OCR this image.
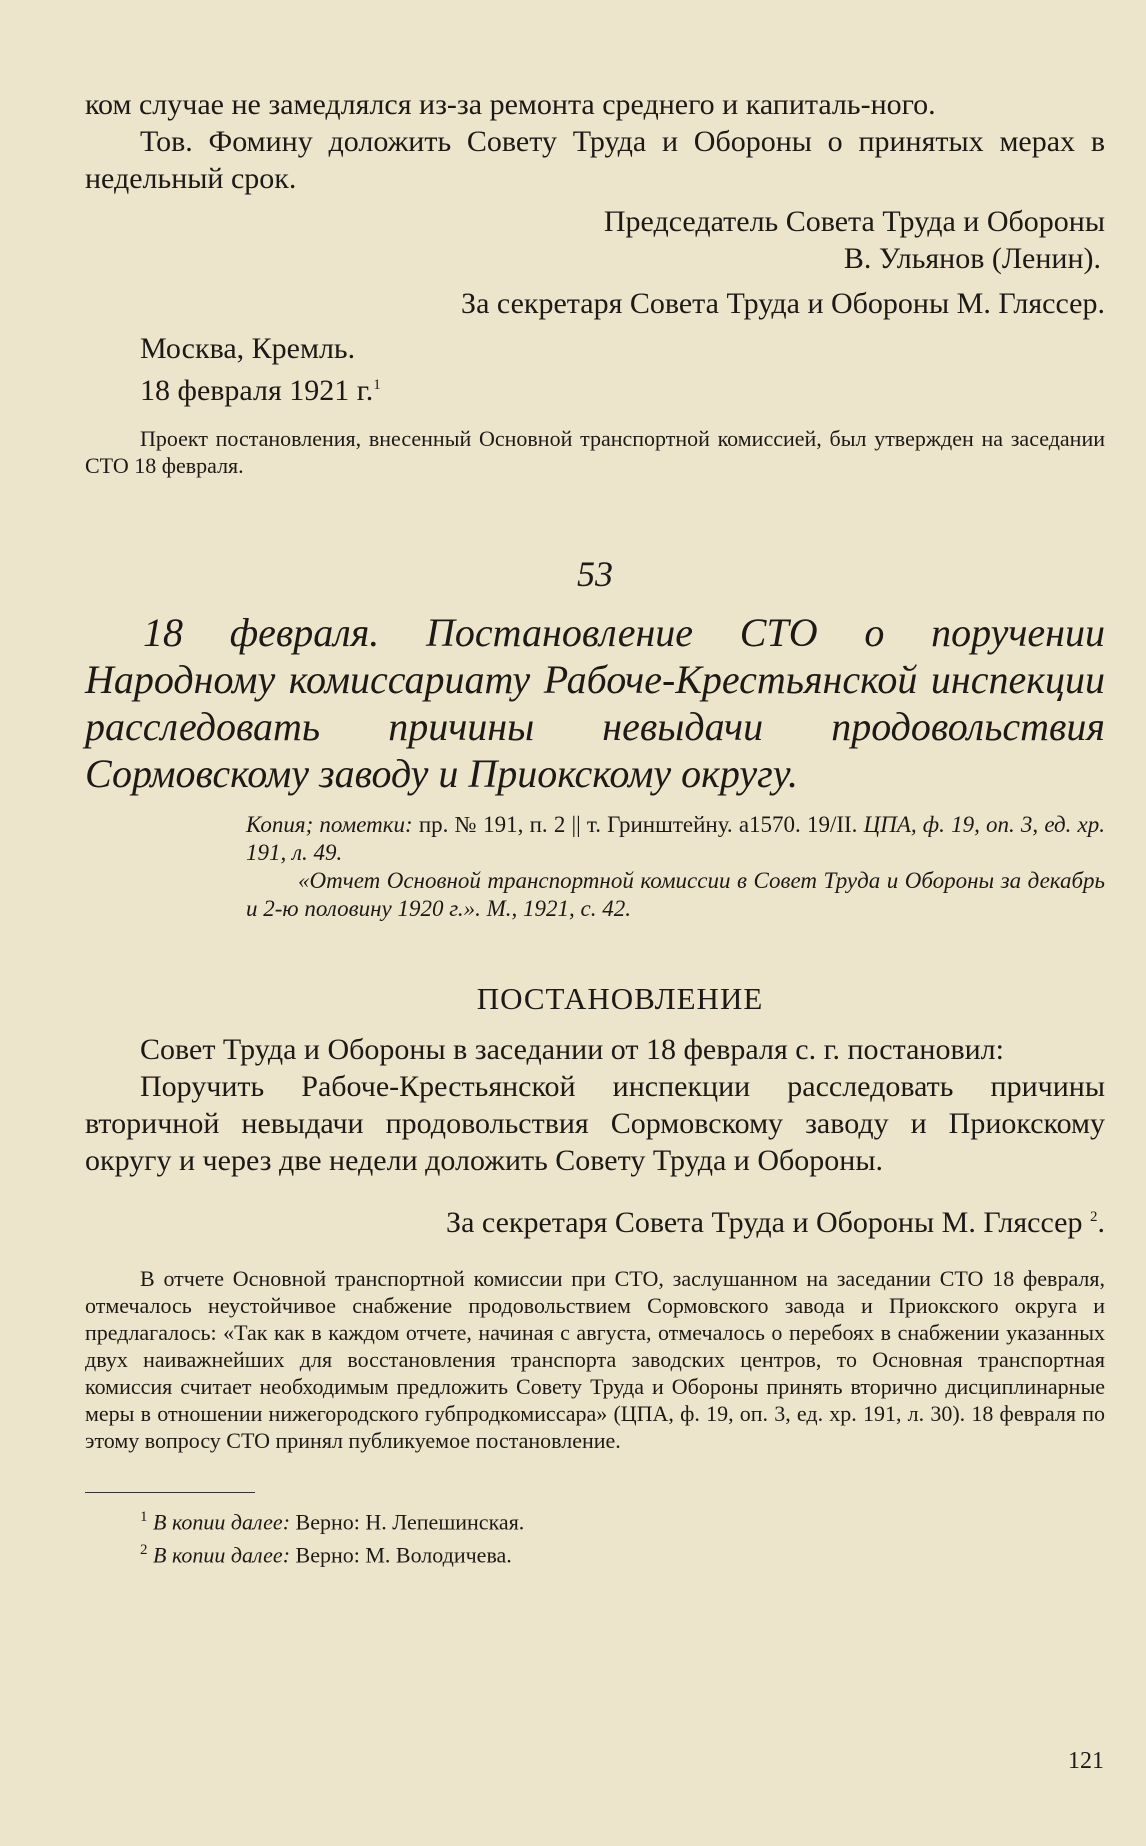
ком случае не замедлялся из-за ремонта среднего и капиталь-ного.

Тов. Фомину доложить Совету Труда и Обороны о принятых мерах в недельный срок.

Председатель Совета Труда и Обороны

В. Ульянов (Ленин).

За секретаря Совета Труда и Обороны М. Гляссер.

Москва, Кремль.

18 февраля 1921 г.$^1$

Проект постановления, внесенный Основной транспортной комиссией, был утвержден на заседании СТО 18 февраля.

53

18 февраля. Постановление СТО о поручении Народному комиссариату Рабоче-Крестьянской инспекции расследовать причины невыдачи продовольствия Сормовскому заводу и Приокскому округу.

Копия; пометки: пр. № 191, п. 2 || т. Гринштейну. а1570. 19/II. ЦПА, ф. 19, оп. 3, ед. хр. 191, л. 49.
«Отчет Основной транспортной комиссии в Совет Труда и Обороны за декабрь и 2-ю половину 1920 г.». М., 1921, с. 42.

ПОСТАНОВЛЕНИЕ

Совет Труда и Обороны в заседании от 18 февраля с. г. постановил:

Поручить Рабоче-Крестьянской инспекции расследовать причины вторичной невыдачи продовольствия Сормовскому заводу и Приокскому округу и через две недели доложить Совету Труда и Обороны.

За секретаря Совета Труда и Обороны М. Гляссер $^2$.

В отчете Основной транспортной комиссии при СТО, заслушанном на заседании СТО 18 февраля, отмечалось неустойчивое снабжение продовольствием Сормовского завода и Приокского округа и предлагалось: «Так как в каждом отчете, начиная с августа, отмечалось о перебоях в снабжении указанных двух наиважнейших для восстановления транспорта заводских центров, то Основная транспортная комиссия считает необходимым предложить Совету Труда и Обороны принять вторично дисциплинарные меры в отношении нижегородского губпродкомиссара» (ЦПА, ф. 19, оп. 3, ед. хр. 191, л. 30). 18 февраля по этому вопросу СТО принял публикуемое постановление.

$^1$ В копии далее: Верно: Н. Лепешинская.

$^2$ В копии далее: Верно: М. Володичева.

121
